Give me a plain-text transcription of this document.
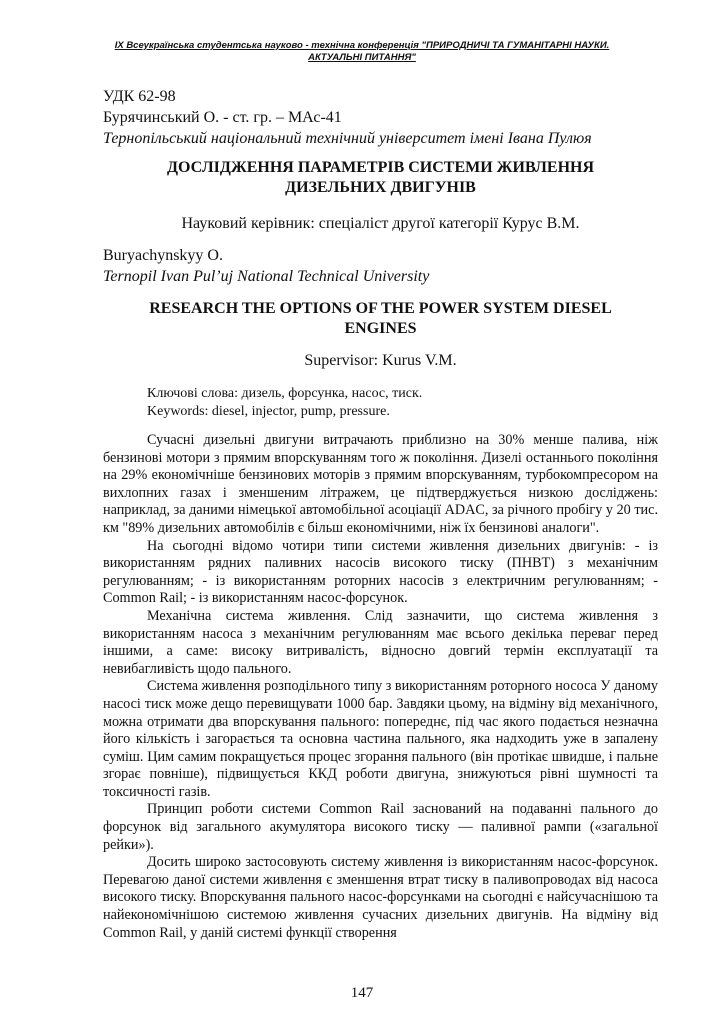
IX Всеукраїнська студентська науково - технічна конференція "ПРИРОДНИЧІ ТА ГУМАНІТАРНІ НАУКИ.
АКТУАЛЬНІ ПИТАННЯ"
УДК 62-98
Бурячинський О. - ст. гр. – МАс-41
Тернопільський національний технічний університет імені Івана Пулюя
ДОСЛІДЖЕННЯ ПАРАМЕТРІВ СИСТЕМИ ЖИВЛЕННЯ
ДИЗЕЛЬНИХ ДВИГУНІВ
Науковий керівник: спеціаліст другої категорії Курус В.М.
Buryachynskyy O.
Ternopil Ivan Pul’uj National Technical University
RESEARCH THE OPTIONS OF THE POWER SYSTEM DIESEL
ENGINES
Supervisor: Kurus V.M.
Ключові слова: дизель, форсунка, насос, тиск.
Keywords: diesel, injector, pump, pressure.

Сучасні дизельні двигуни витрачають приблизно на 30% менше палива, ніж бензинові мотори з прямим впорскуванням того ж покоління. Дизелі останнього покоління на 29% економічніше бензинових моторів з прямим впорскуванням, турбокомпресором на вихлопних газах і зменшеним літражем, це підтверджується низкою досліджень: наприклад, за даними німецької автомобільної асоціації ADAC, за річного пробігу у 20 тис. км "89% дизельних автомобілів є більш економічними, ніж їх бензинові аналоги".

На сьогодні відомо чотири типи системи живлення дизельних двигунів: - із використанням рядних паливних насосів високого тиску (ПНВТ) з механічним регулюванням; - із використанням роторних насосів з електричним регулюванням; - Common Rail; - із використанням насос-форсунок.

Механічна система живлення. Слід зазначити, що система живлення з використанням насоса з механічним регулюванням має всього декілька переваг перед іншими, а саме: високу витривалість, відносно довгий термін експлуатації та невибагливість щодо пального.

Система живлення розподільного типу з використанням роторного нососа У даному насосі тиск може дещо перевищувати 1000 бар. Завдяки цьому, на відміну від механічного, можна отримати два впорскування пального: попереднє, під час якого подається незначна його кількість і загорається та основна частина пального, яка надходить уже в запалену суміш. Цим самим покращується процес згорання пального (він протікає швидше, і пальне згорає повніше), підвищується ККД роботи двигуна, знижуються рівні шумності та токсичності газів.

Принцип роботи системи Common Rail заснований на подаванні пального до форсунок від загального акумулятора високого тиску — паливної рампи («загальної рейки»).

Досить широко застосовують систему живлення із використанням насос-форсунок. Перевагою даної системи живлення є зменшення втрат тиску в паливопроводах від насоса високого тиску. Впорскування пального насос-форсунками на сьогодні є найсучаснішою та найекономічнішою системою живлення сучасних дизельних двигунів. На відміну від Common Rail, у даній системі функції створення

147
